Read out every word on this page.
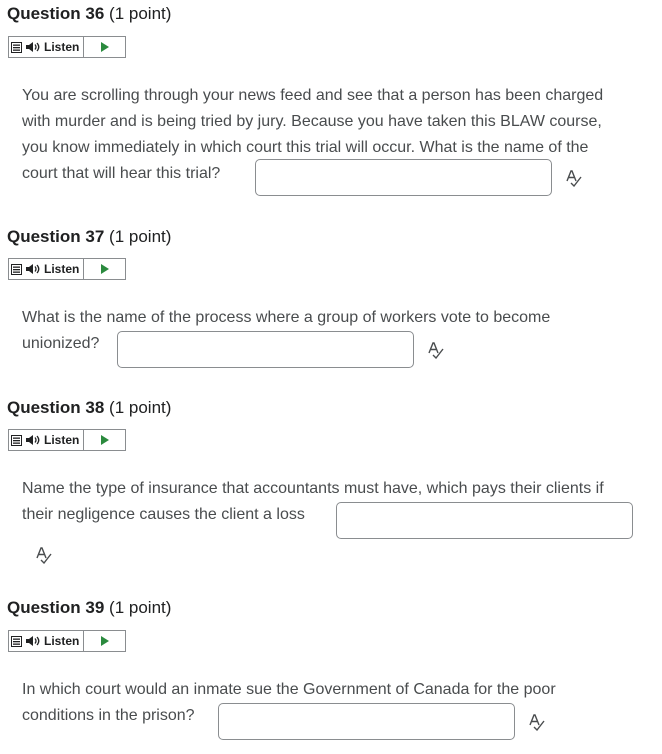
Question 36 (1 point)
Listen
You are scrolling through your news feed and see that a person has been charged
with murder and is being tried by jury. Because you have taken this BLAW course,
you know immediately in which court this trial will occur. What is the name of the
court that will hear this trial?
Question 37 (1 point)
Listen
What is the name of the process where a group of workers vote to become
unionized?
Question 38 (1 point)
Listen
Name the type of insurance that accountants must have, which pays their clients if
their negligence causes the client a loss
Question 39 (1 point)
Listen
In which court would an inmate sue the Government of Canada for the poor
conditions in the prison?
